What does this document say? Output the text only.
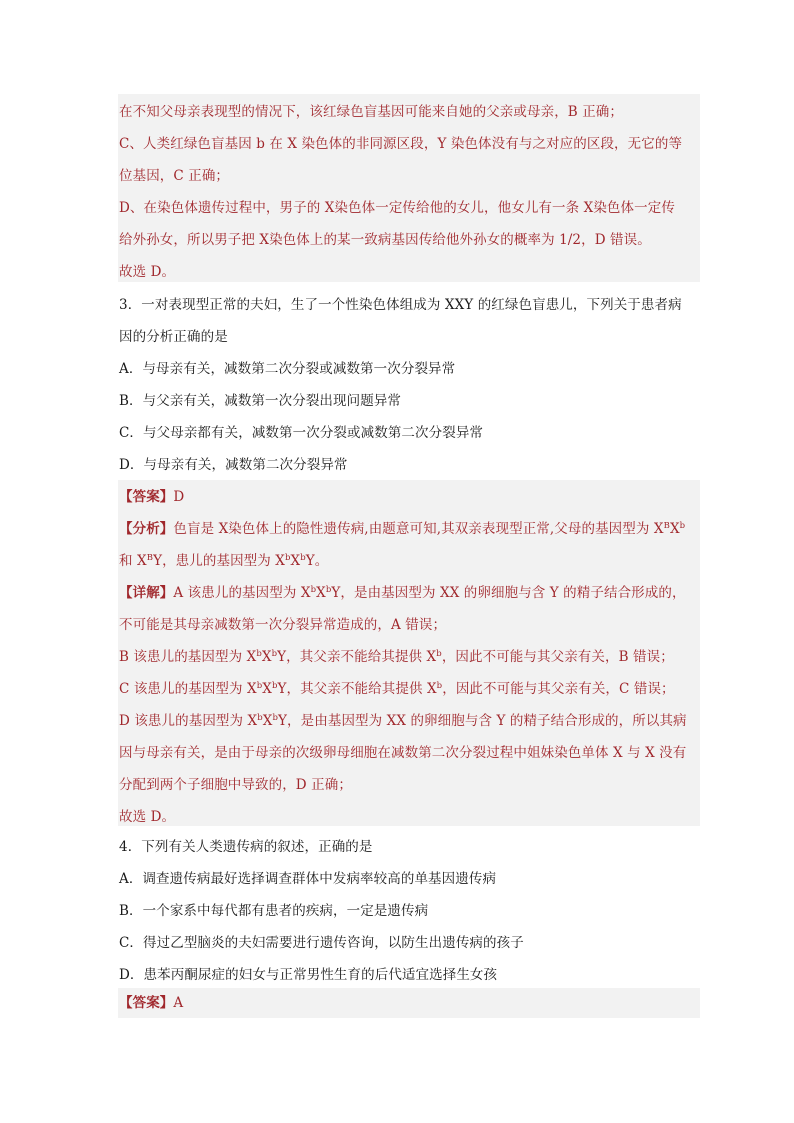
在不知父母亲表现型的情况下，该红绿色盲基因可能来自她的父亲或母亲，B 正确；
C、人类红绿色盲基因 b 在 X 染色体的非同源区段，Y 染色体没有与之对应的区段，无它的等
位基因，C 正确；
D、在染色体遗传过程中，男子的 X染色体一定传给他的女儿，他女儿有一条 X染色体一定传
给外孙女，所以男子把 X染色体上的某一致病基因传给他外孙女的概率为 1/2，D 错误。
故选 D。
3．一对表现型正常的夫妇，生了一个性染色体组成为 XXY 的红绿色盲患儿，下列关于患者病
因的分析正确的是
A．与母亲有关，减数第二次分裂或减数第一次分裂异常
B．与父亲有关，减数第一次分裂出现问题异常
C．与父母亲都有关，减数第一次分裂或减数第二次分裂异常
D．与母亲有关，减数第二次分裂异常
【答案】D
【分析】色盲是 X染色体上的隐性遗传病,由题意可知,其双亲表现型正常,父母的基因型为 $X^BX^b$
和 $X^BY$，患儿的基因型为 $X^bX^bY$。
【详解】A 该患儿的基因型为 $X^bX^bY$，是由基因型为 XX 的卵细胞与含 Y 的精子结合形成的，
不可能是其母亲减数第一次分裂异常造成的，A 错误；
B 该患儿的基因型为 $X^bX^bY$，其父亲不能给其提供 $X^b$，因此不可能与其父亲有关，B 错误；
C 该患儿的基因型为 $X^bX^bY$，其父亲不能给其提供 $X^b$，因此不可能与其父亲有关，C 错误；
D 该患儿的基因型为 $X^bX^bY$，是由基因型为 XX 的卵细胞与含 Y 的精子结合形成的，所以其病
因与母亲有关，是由于母亲的次级卵母细胞在减数第二次分裂过程中姐妹染色单体 X 与 X 没有
分配到两个子细胞中导致的，D 正确；
故选 D。
4．下列有关人类遗传病的叙述，正确的是
A．调查遗传病最好选择调查群体中发病率较高的单基因遗传病
B．一个家系中每代都有患者的疾病，一定是遗传病
C．得过乙型脑炎的夫妇需要进行遗传咨询，以防生出遗传病的孩子
D．患苯丙酮尿症的妇女与正常男性生育的后代适宜选择生女孩
【答案】A
